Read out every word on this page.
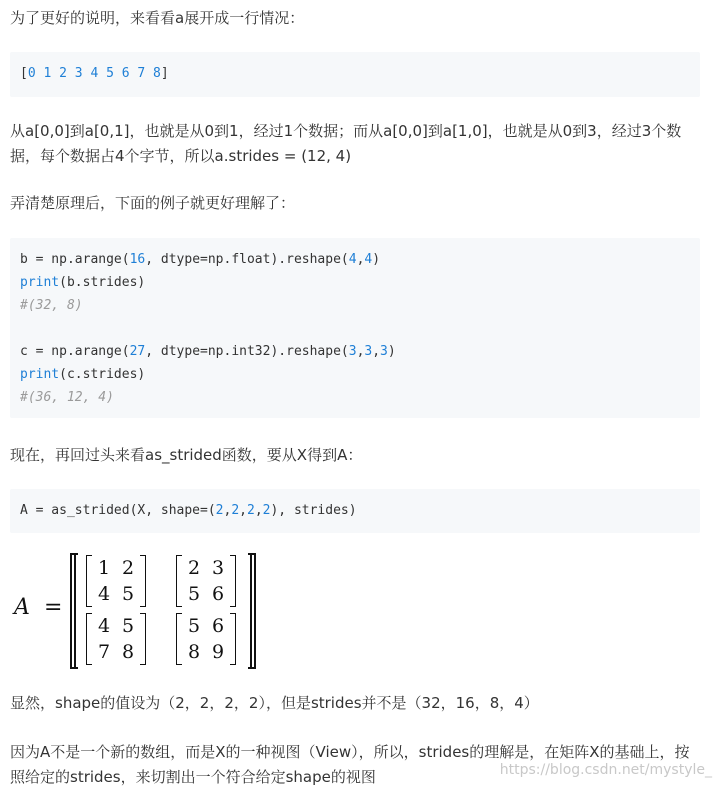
为了更好的说明，来看看a展开成一行情况：
[0 1 2 3 4 5 6 7 8]
从a[0,0]到a[0,1]，也就是从0到1，经过1个数据；而从a[0,0]到a[1,0]，也就是从0到3，经过3个数据，每个数据占4个字节，所以a.strides = (12, 4)
弄清楚原理后，下面的例子就更好理解了：
b = np.arange(16, dtype=np.float).reshape(4,4)
print(b.strides)
#(32, 8)
c = np.arange(27, dtype=np.int32).reshape(3,3,3)
print(c.strides)
#(36, 12, 4)
现在，再回过头来看as_strided函数，要从X得到A：
A = as_strided(X, shape=(2,2,2,2), strides)
A =
1 2
4 5
2 3
5 6
4 5
7 8
5 6
8 9
显然，shape的值设为（2，2，2，2），但是strides并不是（32，16，8，4）
因为A不是一个新的数组，而是X的一种视图（View），所以，strides的理解是，在矩阵X的基础上，按照给定的strides，来切割出一个符合给定shape的视图	https://blog.csdn.net/mystyle_
